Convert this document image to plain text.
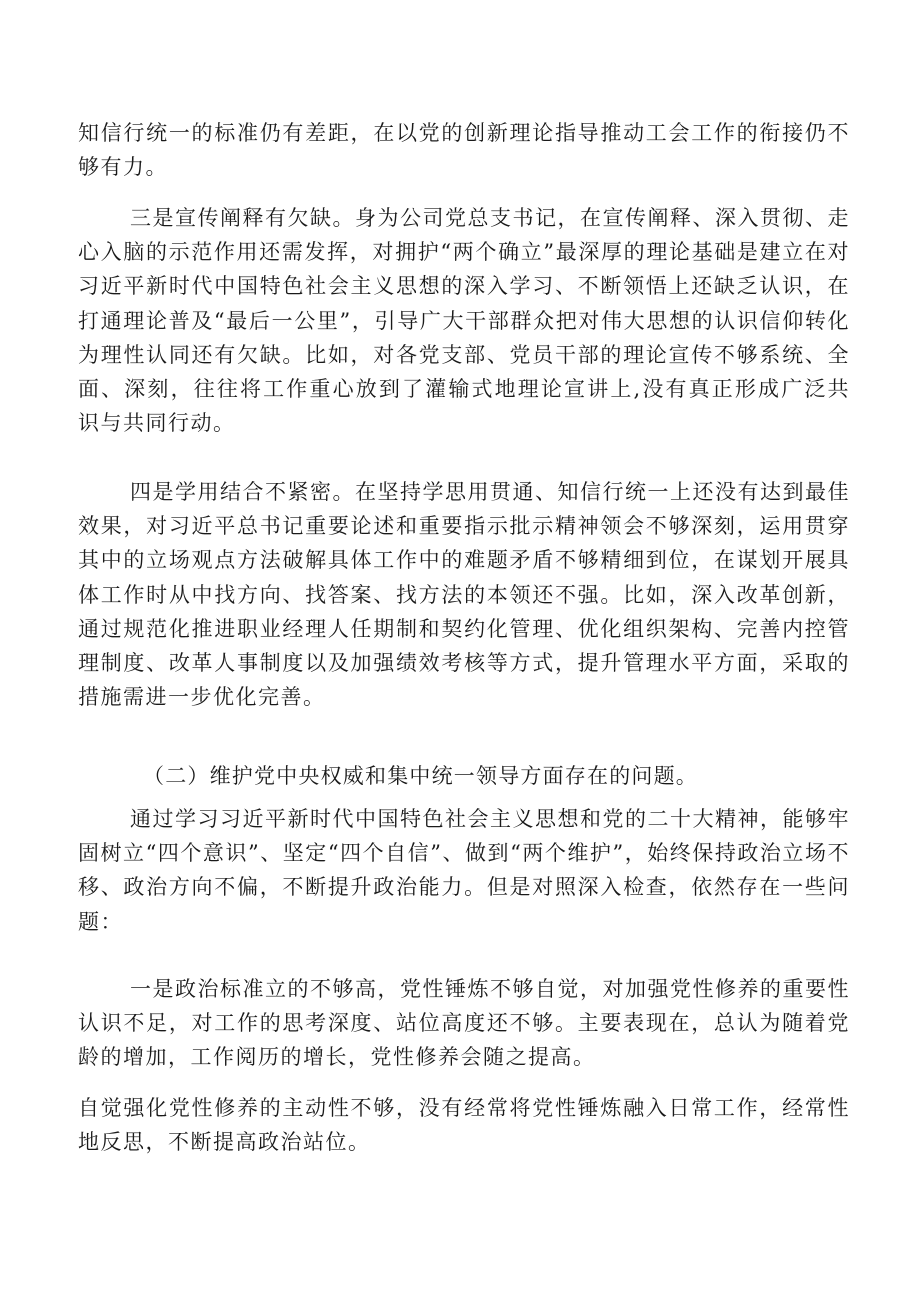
知信行统一的标准仍有差距，在以党的创新理论指导推动工会工作的衔接仍不够有力。

三是宣传阐释有欠缺。身为公司党总支书记，在宣传阐释、深入贯彻、走心入脑的示范作用还需发挥，对拥护“两个确立”最深厚的理论基础是建立在对习近平新时代中国特色社会主义思想的深入学习、不断领悟上还缺乏认识，在打通理论普及“最后一公里”，引导广大干部群众把对伟大思想的认识信仰转化为理性认同还有欠缺。比如，对各党支部、党员干部的理论宣传不够系统、全面、深刻，往往将工作重心放到了灌输式地理论宣讲上,没有真正形成广泛共识与共同行动。

四是学用结合不紧密。在坚持学思用贯通、知信行统一上还没有达到最佳效果，对习近平总书记重要论述和重要指示批示精神领会不够深刻，运用贯穿其中的立场观点方法破解具体工作中的难题矛盾不够精细到位，在谋划开展具体工作时从中找方向、找答案、找方法的本领还不强。比如，深入改革创新，通过规范化推进职业经理人任期制和契约化管理、优化组织架构、完善内控管理制度、改革人事制度以及加强绩效考核等方式，提升管理水平方面，采取的措施需进一步优化完善。

（二）维护党中央权威和集中统一领导方面存在的问题。

通过学习习近平新时代中国特色社会主义思想和党的二十大精神，能够牢固树立“四个意识”、坚定“四个自信”、做到“两个维护”，始终保持政治立场不移、政治方向不偏，不断提升政治能力。但是对照深入检查，依然存在一些问题：

一是政治标准立的不够高，党性锤炼不够自觉，对加强党性修养的重要性认识不足，对工作的思考深度、站位高度还不够。主要表现在，总认为随着党龄的增加，工作阅历的增长，党性修养会随之提高。

自觉强化党性修养的主动性不够，没有经常将党性锤炼融入日常工作，经常性地反思，不断提高政治站位。
